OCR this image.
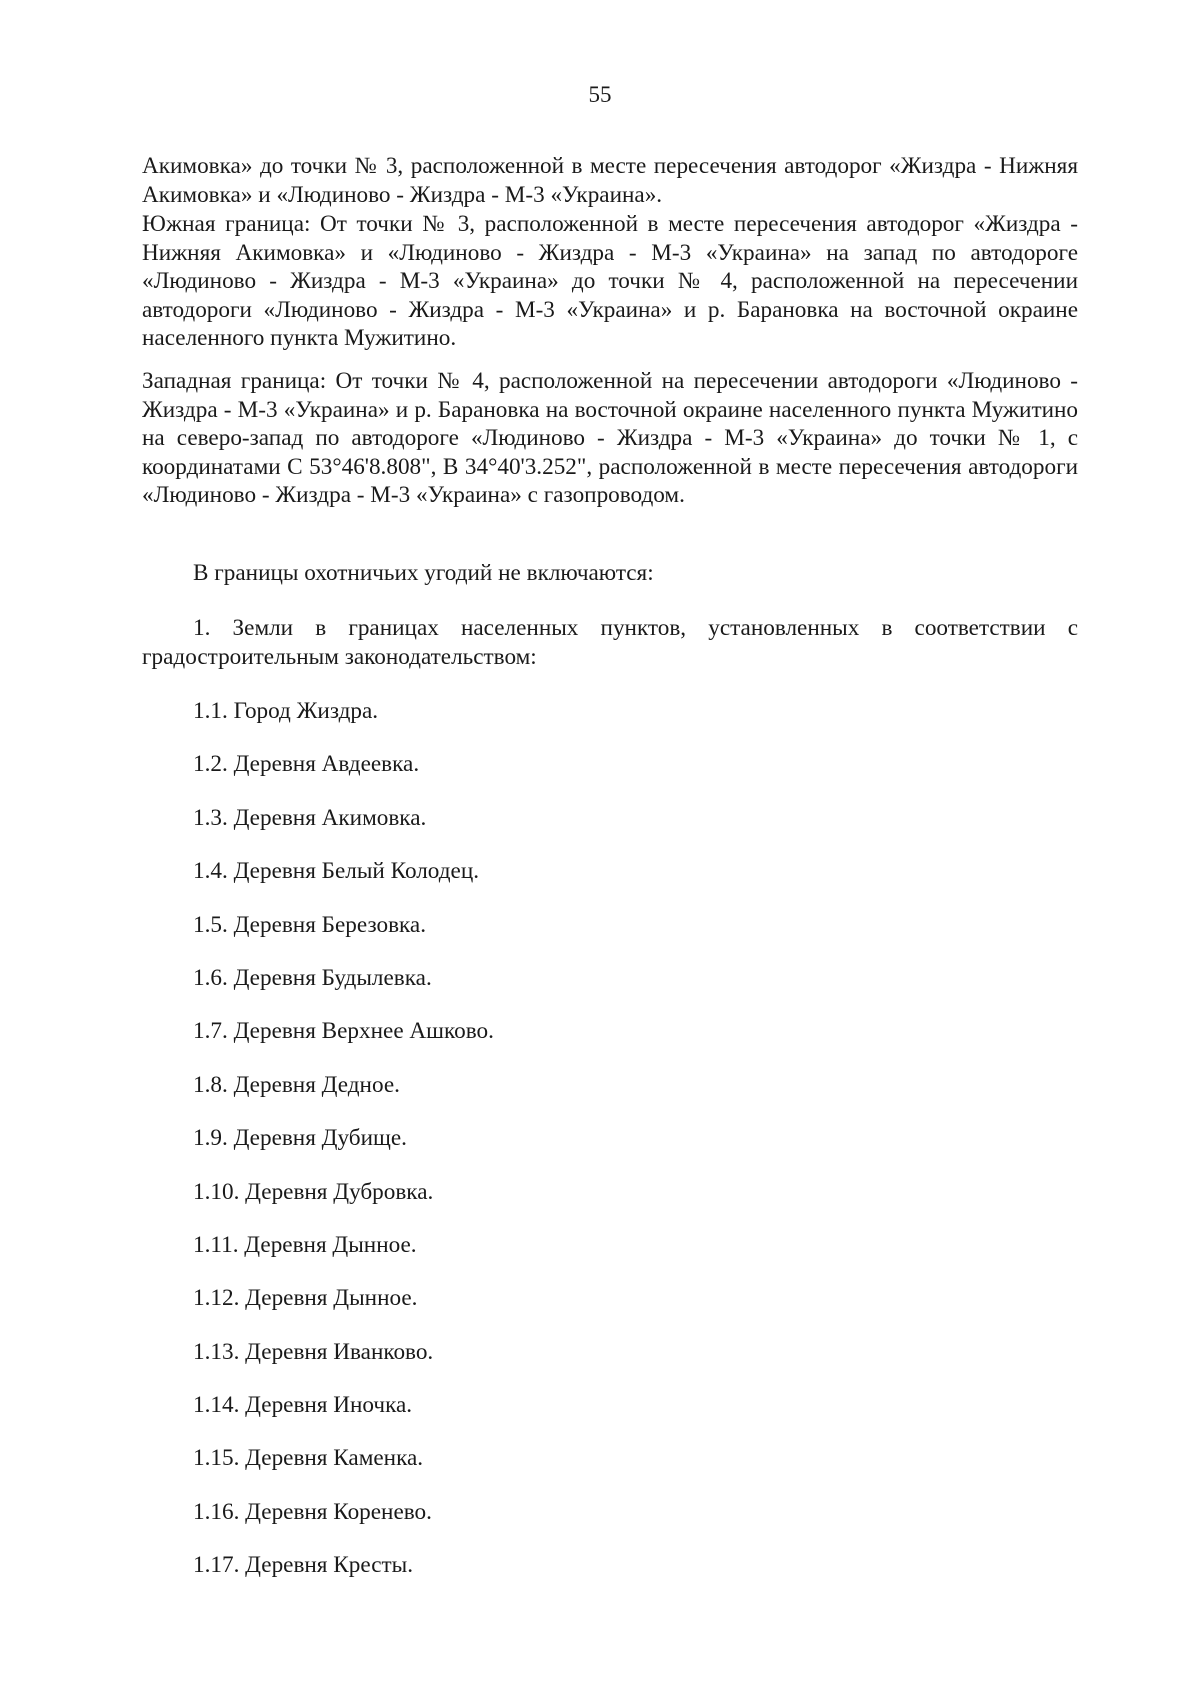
55

Акимовка» до точки № 3, расположенной в месте пересечения автодорог «Жиздра - Нижняя Акимовка» и «Людиново - Жиздра - М-3 «Украина».

Южная граница: От точки № 3, расположенной в месте пересечения автодорог «Жиздра - Нижняя Акимовка» и «Людиново - Жиздра - М-3 «Украина» на запад по автодороге «Людиново - Жиздра - М-3 «Украина» до точки № 4, расположенной на пересечении автодороги «Людиново - Жиздра - М-3 «Украина» и р. Барановка на восточной окраине населенного пункта Мужитино.

Западная граница: От точки № 4, расположенной на пересечении автодороги «Людиново - Жиздра - М-3 «Украина» и р. Барановка на восточной окраине населенного пункта Мужитино на северо-запад по автодороге «Людиново - Жиздра - М-3 «Украина» до точки № 1, с координатами С 53°46'8.808", В 34°40'3.252", расположенной в месте пересечения автодороги «Людиново - Жиздра - М-3 «Украина» с газопроводом.

В границы охотничьих угодий не включаются:

1. Земли в границах населенных пунктов, установленных в соответствии с градостроительным законодательством:

1.1. Город Жиздра.
1.2. Деревня Авдеевка.
1.3. Деревня Акимовка.
1.4. Деревня Белый Колодец.
1.5. Деревня Березовка.
1.6. Деревня Будылевка.
1.7. Деревня Верхнее Ашково.
1.8. Деревня Дедное.
1.9. Деревня Дубище.
1.10. Деревня Дубровка.
1.11. Деревня Дынное.
1.12. Деревня Дынное.
1.13. Деревня Иванково.
1.14. Деревня Иночка.
1.15. Деревня Каменка.
1.16. Деревня Коренево.
1.17. Деревня Кресты.
